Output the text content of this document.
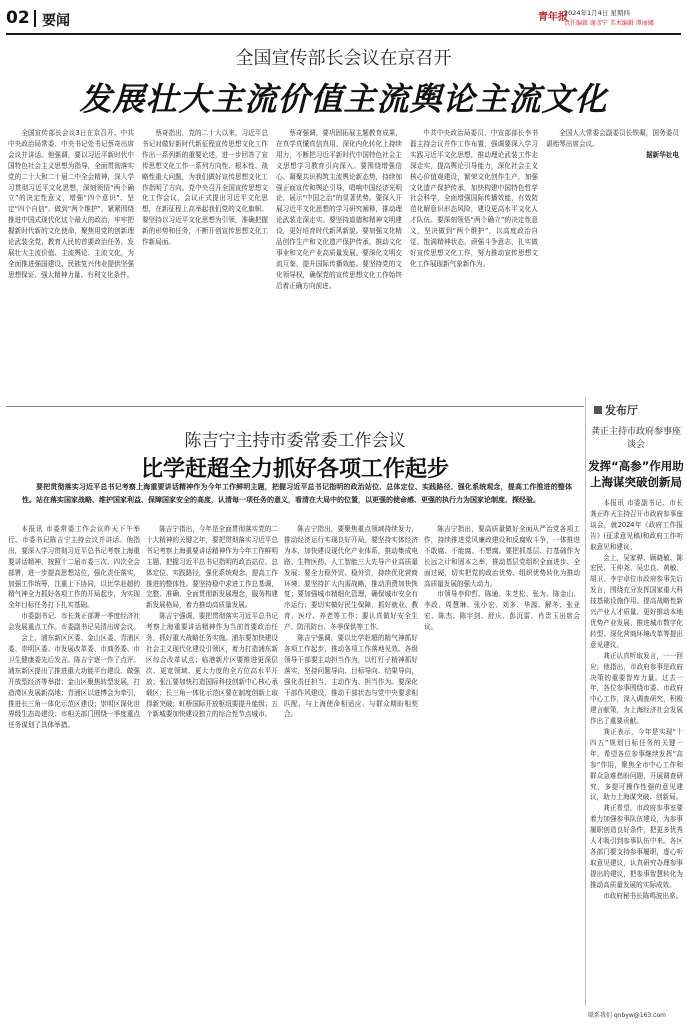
02 要闻	青年报
2024年1月4日 星期四
责任编辑 谢彦宁 美术编辑 谭丽娜
全国宣传部长会议在京召开
发展壮大主流价值主流舆论主流文化

全国宣传部长会议3日在京召开。中共中央政治局常委、中央书记处书记蔡奇出席会议并讲话。他强调，要以习近平新时代中国特色社会主义思想为指导，全面贯彻落实党的二十大和二十届二中全会精神，深入学习贯彻习近平文化思想，深刻领悟“两个确立”的决定性意义，增强“四个意识”、坚定“四个自信”、做到“两个维护”，紧紧围绕推进中国式现代化这个最大的政治，牢牢把握新时代新的文化使命，聚焦用党的创新理论武装全党、教育人民的首要政治任务，发展壮大主流价值、主流舆论、主流文化，为全面推进强国建设、民族复兴伟业提供坚强思想保证、强大精神力量、有利文化条件。

蔡奇指出，党的二十大以来，习近平总书记对做好新时代新征程宣传思想文化工作作出一系列新的重要论述，进一步回答了宣传思想文化工作一系列方向性、根本性、战略性重大问题，为我们做好宣传思想文化工作指明了方向。党中央召开全国宣传思想文化工作会议，会议正式提出习近平文化思想，在新征程上高举起我们党的文化旗帜。要坚持以习近平文化思想为引领，准确把握新的形势和任务，不断开创宣传思想文化工作新局面。

蔡奇强调，要巩固拓展主题教育成果，在真学真懂真信真用、深化内化转化上持续用力，不断把习近平新时代中国特色社会主义思想学习教育引向深入。要围绕增强信心、凝聚共识构筑主流舆论新态势，持续加强正面宣传和舆论引导，唱响中国经济光明论，展示“中国之治”的显著优势。要深入开展习近平文化思想的学习研究阐释，推动理论武装走深走实。要坚持道德和精神文明建设，更好培育时代新风新貌。要加强文化精品创作生产和文化遗产保护传承，推动文化事业和文化产业高质量发展。要深化文明交流互鉴，提升国际传播效能。要坚持党的文化领导权，确保党的宣传思想文化工作始终沿着正确方向前进。

中共中央政治局委员、中宣部部长李书磊主持会议并作工作布置，强调要深入学习实践习近平文化思想，推动理论武装工作走深走实，提高舆论引导能力，深化社会主义核心价值观建设，繁荣文化创作生产，加强文化遗产保护传承，加快构建中国特色哲学社会科学，全面增强国际传播效能，有效防范化解意识形态风险，建设更高水平文化人才队伍。要深刻领悟“两个确立”的决定性意义，坚决做到“两个维护”，以高度政治自觉、饱满精神状态、顽强斗争意志，扎实做好宣传思想文化工作，努力推动宣传思想文化工作展现新气象新作为。

全国人大常委会副委员长铁凝，国务委员谌贻琴出席会议。

据新华社电
陈吉宁主持市委常委工作会议
比学赶超全力抓好各项工作起步

要把贯彻落实习近平总书记考察上海重要讲话精神作为今年工作鲜明主题，把握习近平总书记指明的政治站位、总体定位、实践路径、强化系统观念，提高工作推进的整体性。站在落实国家战略、维护国家利益、保障国家安全的高度，认清每一项任务的意义，看清在大局中的位置，以更强的使命感、更强的执行力为国家论制度、探经验。

本报讯 市委常委工作会议昨天下午举行。市委书记陈吉宁主持会议并讲话。他指出，要深入学习贯彻习近平总书记考察上海重要讲话精神，按照十二届市委三次、四次全会部署，进一步提高思想站位，强化责任落实，加强工作统筹，注重上下协同，以比学赶超的精气神全力抓好各项工作的开局起步，为实现全年目标任务打下扎实基础。

市委副书记、市长龚正部署一季度经济社会发展重点工作。市委副书记吴清出席会议。

会上，浦东新区区委、金山区委、青浦区委、崇明区委、市发展改革委、市商务委、市卫生健康委先后发言。陈吉宁逐一作了点评。浦东新区提出了推进重大功能平台建设、做强开放型经济等举措；金山区聚焦转型发展，打造湾区发展新高地；青浦区以进博会为牵引，推进长三角一体化示范区建设；崇明区深化世界级生态岛建设；市相关部门围绕一季度重点任务谋划了具体举措。

陈吉宁指出，今年是全面贯彻落实党的二十大精神的关键之年，要把贯彻落实习近平总书记考察上海重要讲话精神作为今年工作鲜明主题，把握习近平总书记指明的政治站位、总体定位、实践路径，强化系统观念，提高工作推进的整体性。要坚持稳中求进工作总基调，完整、准确、全面贯彻新发展理念，服务构建新发展格局，着力推动高质量发展。

陈吉宁强调，要把贯彻落实习近平总书记考察上海重要讲话精神作为当前首要政治任务，抓好重大战略任务实施。浦东要加快建设社会主义现代化建设引领区，着力打造浦东新区综合改革试点；临港新片区要推进更深层次、更宽领域、更大力度的全方位高水平开放；张江要加快打造国际科技创新中心核心承载区；长三角一体化示范区要在制度创新上取得新突破；虹桥国际开放枢纽要提升能级；五个新城要加快建设独立的综合性节点城市。

陈吉宁指出，要聚焦重点领域持续发力，推动经济运行实现良好开局。要坚持实体经济为本，加快建设现代化产业体系，推动集成电路、生物医药、人工智能三大先导产业高质量发展；要全力稳外贸、稳外资，持续优化营商环境；要坚持扩大内需战略，推动消费加快恢复；要加强城市精细化管理，确保城市安全有序运行；要切实做好民生保障，抓好就业、教育、医疗、养老等工作；要认真做好安全生产、防汛防台、冬季保供等工作。

陈吉宁强调，要以比学赶超的精气神抓好各项工作起步，推动各项工作落地见效。各级领导干部要主动担当作为，以钉钉子精神抓好落实，坚持问题导向、目标导向、结果导向，强化责任担当，主动作为、担当作为。要深化干部作风建设，推动干部状态与党中央要求相匹配、与上海使命相适应、与群众期盼相契合。

陈吉宁指出，要高质量做好全面从严治党各项工作，持续推进党风廉政建设和反腐败斗争，一体推进不敢腐、不能腐、不想腐。要把抓基层、打基础作为长远之计和固本之举，推动基层党组织全面进步、全面过硬，切实把党的政治优势、组织优势转化为推动高质量发展的强大动力。

市领导李仰哲、陈通、朱芝松、张为、陈金山、李政、周慧琳、张小宏、刘多、华源、解冬、张亚宏、陈杰、陈宇剑、舒庆、彭沉雷、肖贵玉出席会议。

发布厅
龚正主持市政府参事座谈会
发挥“高参”作用助上海谋突破创新局

本报讯 市委副书记、市长龚正昨天主持召开市政府参事座谈会，就2024年《政府工作报告》(征求意见稿)和政府工作听取意见和建议。

会上，吴家骅、顾晓敏、陈宏民、王仲尧、吴忠良、黄敏、胡卫、李宇卓位市政府参事先后发言，围绕充分发挥国家重大科技基础设施作用、提高战略性新兴产业人才质量、更好推动本地优势产业发展、推进城市数字化转型、深化营商环境改革等提出意见建议。

龚正认真听取发言，一一回应。他指出，市政府参事是政府决策的重要智库力量。过去一年，各位参事围绕市委、市政府中心工作，深入调查研究，积极建言献策，为上海经济社会发展作出了重要贡献。

龚正表示，今年是实现“十四五”规划目标任务的关键一年，希望各位参事继续发挥“高参”作用，聚焦全市中心工作和群众急难愁盼问题，开展调查研究，多提可操作性强的意见建议，助力上海谋突破、创新局。

龚正希望，市政府参事室要着力加强参事队伍建设，为参事履职创造良好条件，把更多优秀人才吸引到参事队伍中来。各区各部门要支持参事履职，虚心听取意见建议，认真研究办理参事提出的建议，把参事智慧转化为推动高质量发展的实际成效。

市政府秘书长陈鸣波出席。

联系我们 qnbyw@163.com
